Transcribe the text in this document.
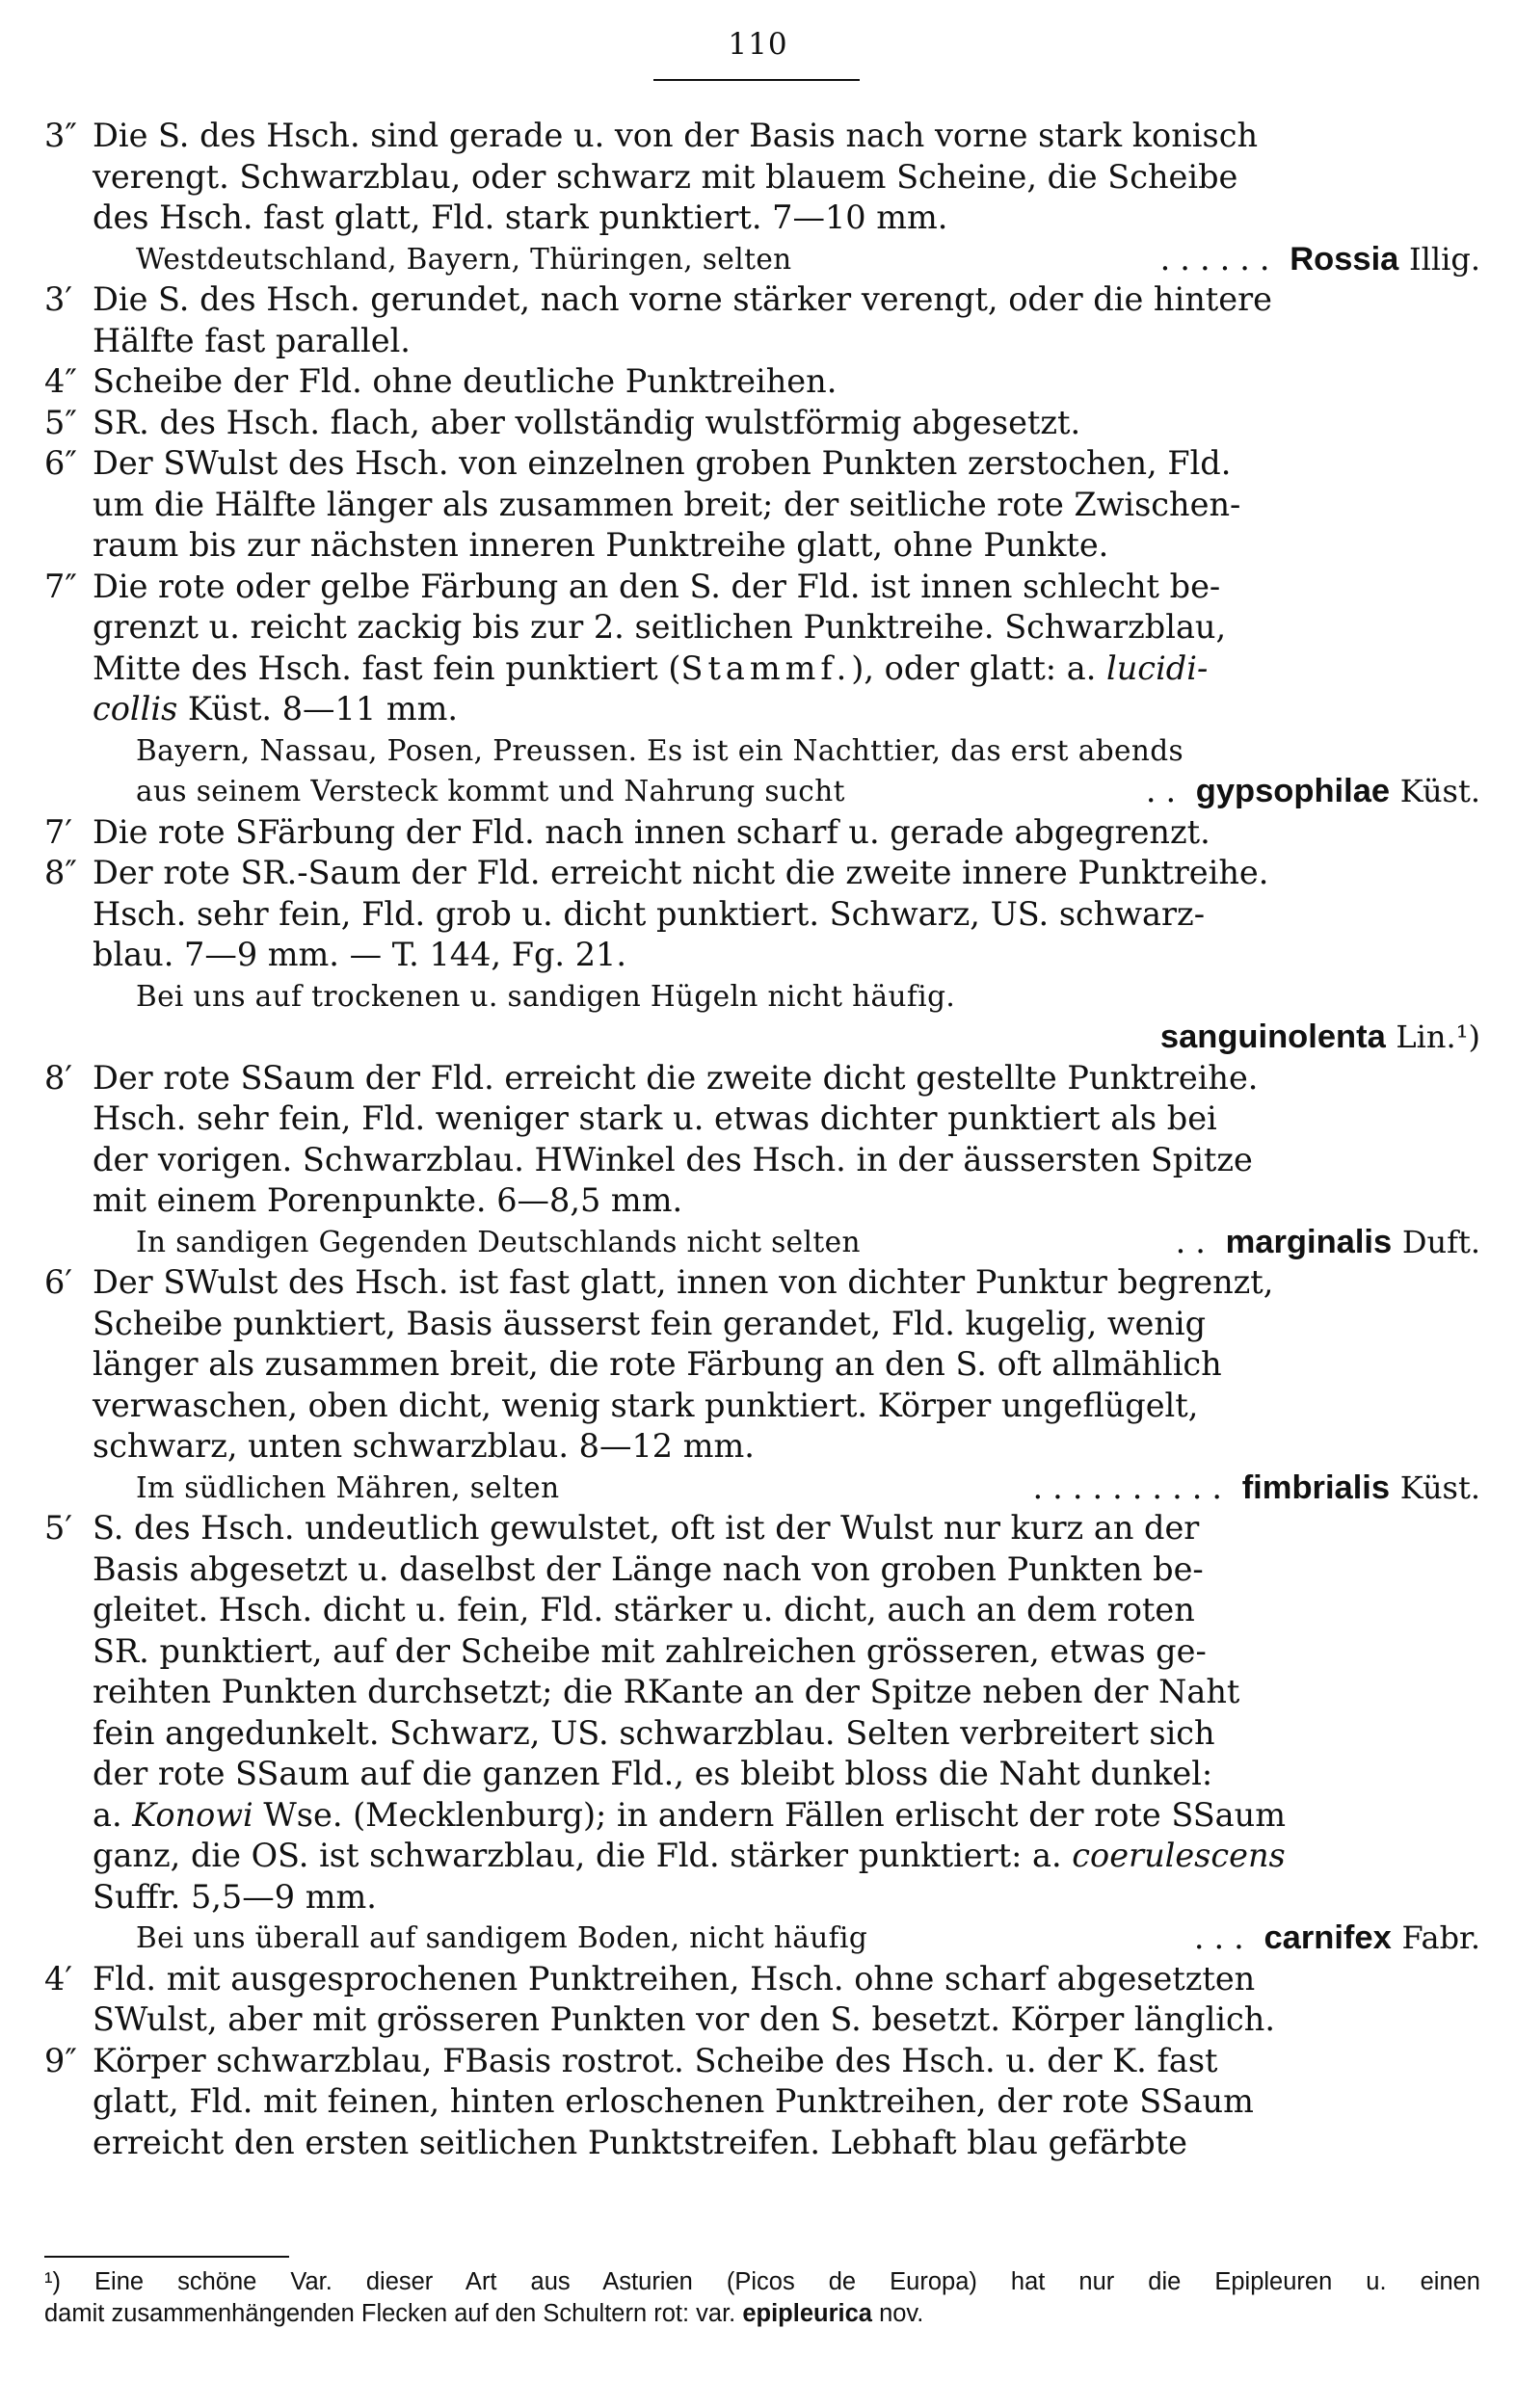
110
3″ Die S. des Hsch. sind gerade u. von der Basis nach vorne stark konisch
verengt. Schwarzblau, oder schwarz mit blauem Scheine, die Scheibe
des Hsch. fast glatt, Fld. stark punktiert. 7—10 mm.
Westdeutschland, Bayern, Thüringen, selten	...... Rossia Illig.
3′ Die S. des Hsch. gerundet, nach vorne stärker verengt, oder die hintere
Hälfte fast parallel.
4″ Scheibe der Fld. ohne deutliche Punktreihen.
5″ SR. des Hsch. flach, aber vollständig wulstförmig abgesetzt.
6″ Der SWulst des Hsch. von einzelnen groben Punkten zerstochen, Fld.
um die Hälfte länger als zusammen breit; der seitliche rote Zwischen-
raum bis zur nächsten inneren Punktreihe glatt, ohne Punkte.
7″ Die rote oder gelbe Färbung an den S. der Fld. ist innen schlecht be-
grenzt u. reicht zackig bis zur 2. seitlichen Punktreihe. Schwarzblau,
Mitte des Hsch. fast fein punktiert (Stammf.), oder glatt: a. lucidi-
collis Küst. 8—11 mm.
Bayern, Nassau, Posen, Preussen. Es ist ein Nachttier, das erst abends
aus seinem Versteck kommt und Nahrung sucht	.. gypsophilae Küst.
7′ Die rote SFärbung der Fld. nach innen scharf u. gerade abgegrenzt.
8″ Der rote SR.-Saum der Fld. erreicht nicht die zweite innere Punktreihe.
Hsch. sehr fein, Fld. grob u. dicht punktiert. Schwarz, US. schwarz-
blau. 7—9 mm. — T. 144, Fg. 21.
Bei uns auf trockenen u. sandigen Hügeln nicht häufig.
sanguinolenta Lin.¹)
8′ Der rote SSaum der Fld. erreicht die zweite dicht gestellte Punktreihe.
Hsch. sehr fein, Fld. weniger stark u. etwas dichter punktiert als bei
der vorigen. Schwarzblau. HWinkel des Hsch. in der äussersten Spitze
mit einem Porenpunkte. 6—8,5 mm.
In sandigen Gegenden Deutschlands nicht selten	.. marginalis Duft.
6′ Der SWulst des Hsch. ist fast glatt, innen von dichter Punktur begrenzt,
Scheibe punktiert, Basis äusserst fein gerandet, Fld. kugelig, wenig
länger als zusammen breit, die rote Färbung an den S. oft allmählich
verwaschen, oben dicht, wenig stark punktiert. Körper ungeflügelt,
schwarz, unten schwarzblau. 8—12 mm.
Im südlichen Mähren, selten	.......... fimbrialis Küst.
5′ S. des Hsch. undeutlich gewulstet, oft ist der Wulst nur kurz an der
Basis abgesetzt u. daselbst der Länge nach von groben Punkten be-
gleitet. Hsch. dicht u. fein, Fld. stärker u. dicht, auch an dem roten
SR. punktiert, auf der Scheibe mit zahlreichen grösseren, etwas ge-
reihten Punkten durchsetzt; die RKante an der Spitze neben der Naht
fein angedunkelt. Schwarz, US. schwarzblau. Selten verbreitert sich
der rote SSaum auf die ganzen Fld., es bleibt bloss die Naht dunkel:
a. Konowi Wse. (Mecklenburg); in andern Fällen erlischt der rote SSaum
ganz, die OS. ist schwarzblau, die Fld. stärker punktiert: a. coerulescens
Suffr. 5,5—9 mm.
Bei uns überall auf sandigem Boden, nicht häufig	... carnifex Fabr.
4′ Fld. mit ausgesprochenen Punktreihen, Hsch. ohne scharf abgesetzten
SWulst, aber mit grösseren Punkten vor den S. besetzt. Körper länglich.
9″ Körper schwarzblau, FBasis rostrot. Scheibe des Hsch. u. der K. fast
glatt, Fld. mit feinen, hinten erloschenen Punktreihen, der rote SSaum
erreicht den ersten seitlichen Punktstreifen. Lebhaft blau gefärbte
¹) Eine schöne Var. dieser Art aus Asturien (Picos de Europa) hat nur die Epipleuren u. einen
damit zusammenhängenden Flecken auf den Schultern rot: var. epipleurica nov.
